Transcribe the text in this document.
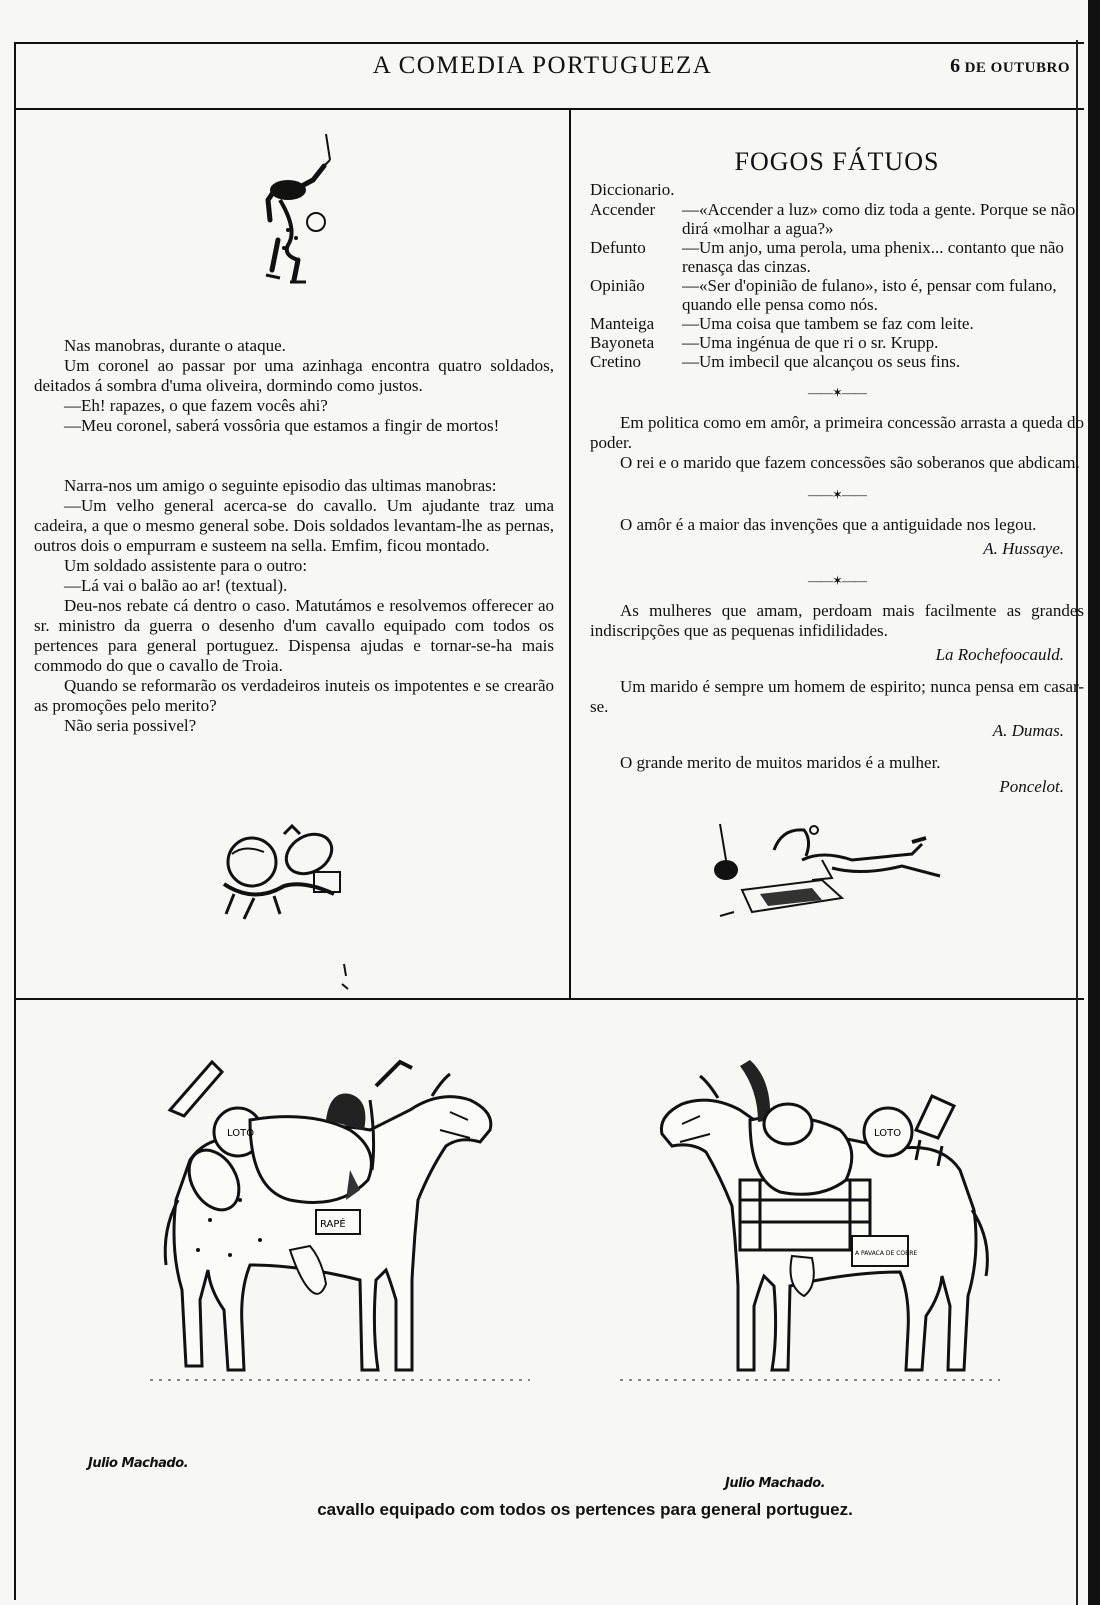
A COMEDIA PORTUGUEZA	6 DE OUTUBRO

Nas manobras, durante o ataque.

Um coronel ao passar por uma azinhaga encontra quatro soldados, deitados á sombra d'uma oliveira, dormindo como justos.

—Eh! rapazes, o que fazem vocês ahi?

—Meu coronel, saberá vossôria que estamos a fingir de mortos!

Narra-nos um amigo o seguinte episodio das ultimas manobras:

—Um velho general acerca-se do cavallo. Um ajudante traz uma cadeira, a que o mesmo general sobe. Dois soldados levantam-lhe as pernas, outros dois o empurram e susteem na sella. Emfim, ficou montado.

Um soldado assistente para o outro:

—Lá vai o balão ao ar! (textual).

Deu-nos rebate cá dentro o caso. Matutámos e resolvemos offerecer ao sr. ministro da guerra o desenho d'um cavallo equipado com todos os pertences para general portuguez. Dispensa ajudas e tornar-se-ha mais commodo do que o cavallo de Troia.

Quando se reformarão os verdadeiros inuteis os impotentes e se crearão as promoções pelo merito?

Não seria possivel?

FOGOS FÁTUOS
Diccionario.
Accender	—«Accender a luz» como diz toda a gente. Porque se não dirá «molhar a agua?»
Defunto	—Um anjo, uma perola, uma phenix... contanto que não renasça das cinzas.
Opinião	—«Ser d'opinião de fulano», isto é, pensar com fulano, quando elle pensa como nós.
Manteiga	—Uma coisa que tambem se faz com leite.
Bayoneta	—Uma ingénua de que ri o sr. Krupp.
Cretino	—Um imbecil que alcançou os seus fins.
——✶——

Em politica como em amôr, a primeira concessão arrasta a queda do poder.

O rei e o marido que fazem concessões são soberanos que abdicam.

——✶——

O amôr é a maior das invenções que a antiguidade nos legou.

A. Hussaye.
——✶——

As mulheres que amam, perdoam mais facilmente as grandes indiscripções que as pequenas infidilidades.

La Rochefoocauld.

Um marido é sempre um homem de espirito; nunca pensa em casar-se.

A. Dumas.

O grande merito de muitos maridos é a mulher.

Poncelot.
LOTO
RAPÉ
LOTO
A PAVACA DE COBRE
Julio Machado.
Julio Machado.
cavallo equipado com todos os pertences para general portuguez.
